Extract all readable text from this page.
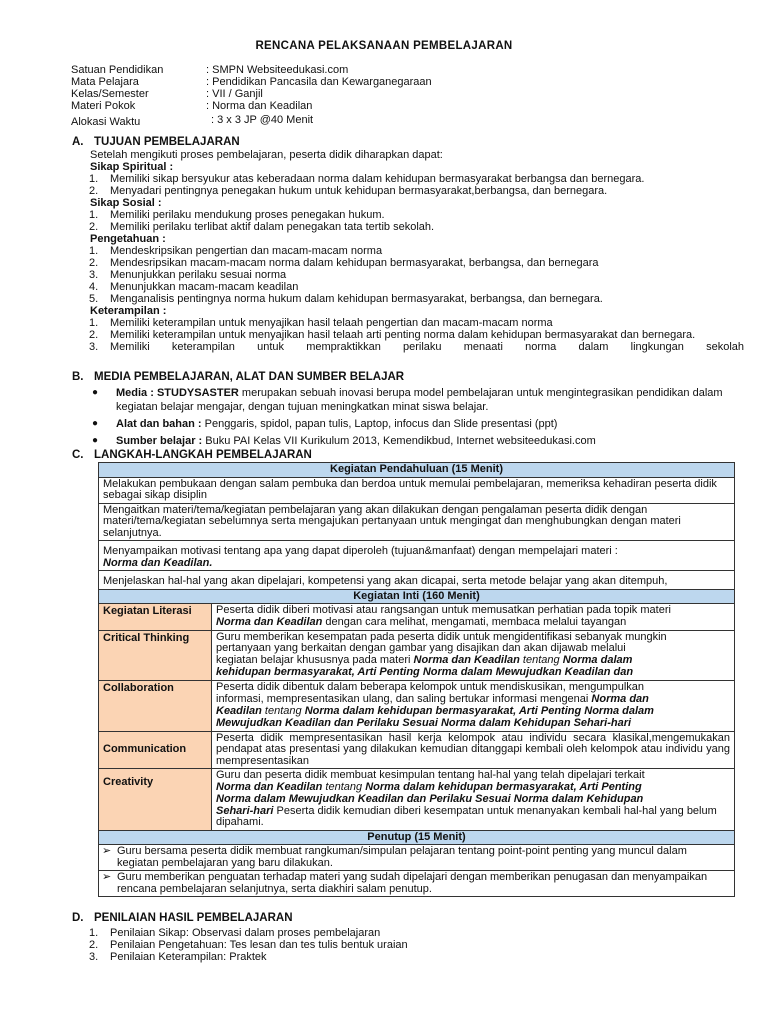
RENCANA PELAKSANAAN PEMBELAJARAN
Satuan Pendidikan	: SMPN Websiteedukasi.com
Mata Pelajara	: Pendidikan Pancasila dan Kewarganegaraan
Kelas/Semester	: VII / Ganjil
Materi Pokok	: Norma dan Keadilan
Alokasi Waktu	: 3 x 3 JP @40 Menit
A. TUJUAN PEMBELAJARAN
Setelah mengikuti proses pembelajaran, peserta didik diharapkan dapat:
Sikap Spiritual :
1. Memiliki sikap bersyukur atas keberadaan norma dalam kehidupan bermasyarakat berbangsa dan bernegara.
2. Menyadari pentingnya penegakan hukum untuk kehidupan bermasyarakat,berbangsa, dan bernegara.
Sikap Sosial :
1. Memiliki perilaku mendukung proses penegakan hukum.
2. Memiliki perilaku terlibat aktif dalam penegakan tata tertib sekolah.
Pengetahuan :
1. Mendeskripsikan pengertian dan macam-macam norma
2. Mendesripsikan macam-macam norma dalam kehidupan bermasyarakat, berbangsa, dan bernegara
3. Menunjukkan perilaku sesuai norma
4. Menunjukkan macam-macam keadilan
5. Menganalisis pentingnya norma hukum dalam kehidupan bermasyarakat, berbangsa, dan bernegara.
Keterampilan :
1. Memiliki keterampilan untuk menyajikan hasil telaah pengertian dan macam-macam norma
2. Memiliki keterampilan untuk menyajikan hasil telaah arti penting norma dalam kehidupan bermasyarakat dan bernegara.
3. Memiliki keterampilan untuk mempraktikkan perilaku menaati norma dalam lingkungan sekolah
B. MEDIA PEMBELAJARAN, ALAT DAN SUMBER BELAJAR
● Media : STUDYSASTER merupakan sebuah inovasi berupa model pembelajaran untuk mengintegrasikan pendidikan dalam kegiatan belajar mengajar, dengan tujuan meningkatkan minat siswa belajar.
● Alat dan bahan : Penggaris, spidol, papan tulis, Laptop, infocus dan Slide presentasi (ppt)
● Sumber belajar : Buku PAI Kelas VII Kurikulum 2013, Kemendikbud, Internet websiteedukasi.com
C. LANGKAH-LANGKAH PEMBELAJARAN
Kegiatan Pendahuluan (15 Menit)	
Melakukan pembukaan dengan salam pembuka dan berdoa untuk memulai pembelajaran, memeriksa kehadiran peserta didik sebagai sikap disiplin	
Mengaitkan materi/tema/kegiatan pembelajaran yang akan dilakukan dengan pengalaman peserta didik dengan materi/tema/kegiatan sebelumnya serta mengajukan pertanyaan untuk mengingat dan menghubungkan dengan materi selanjutnya.	

Menyampaikan motivasi tentang apa yang dapat diperoleh (tujuan&manfaat) dengan mempelajari materi :
Norma dan Keadilan.	

Menjelaskan hal-hal yang akan dipelajari, kompetensi yang akan dicapai, serta metode belajar yang akan ditempuh,	
Kegiatan Inti (160 Menit)	
Kegiatan Literasi	Peserta didik diberi motivasi atau rangsangan untuk memusatkan perhatian pada topik materi
Norma dan Keadilan dengan cara melihat, mengamati, membaca melalui tayangan

Critical Thinking	Guru memberikan kesempatan pada peserta didik untuk mengidentifikasi sebanyak mungkin
pertanyaan yang berkaitan dengan gambar yang disajikan dan akan dijawab melalui
kegiatan belajar khususnya pada materi Norma dan Keadilan tentang Norma dalam
kehidupan bermasyarakat, Arti Penting Norma dalam Mewujudkan Keadilan dan

Collaboration	Peserta didik dibentuk dalam beberapa kelompok untuk mendiskusikan, mengumpulkan
informasi, mempresentasikan ulang, dan saling bertukar informasi mengenai Norma dan
Keadilan tentang Norma dalam kehidupan bermasyarakat, Arti Penting Norma dalam
Mewujudkan Keadilan dan Perilaku Sesuai Norma dalam Kehidupan Sehari-hari

Communication	Peserta didik mempresentasikan hasil kerja kelompok atau individu secara klasikal,mengemukakan pendapat atas presentasi yang dilakukan kemudian ditanggapi kembali oleh kelompok atau individu yang mempresentasikan
Creativity	Guru dan peserta didik membuat kesimpulan tentang hal-hal yang telah dipelajari terkait
Norma dan Keadilan tentang Norma dalam kehidupan bermasyarakat, Arti Penting
Norma dalam Mewujudkan Keadilan dan Perilaku Sesuai Norma dalam Kehidupan
Sehari-hari Peserta didik kemudian diberi kesempatan untuk menanyakan kembali hal-hal yang belum dipahami.

Penutup (15 Menit)	

➢ Guru bersama peserta didik membuat rangkuman/simpulan pelajaran tentang point-point penting yang muncul dalam kegiatan pembelajaran yang baru dilakukan.	

➢ Guru memberikan penguatan terhadap materi yang sudah dipelajari dengan memberikan penugasan dan menyampaikan rencana pembelajaran selanjutnya, serta diakhiri salam penutup.	
D. PENILAIAN HASIL PEMBELAJARAN
1. Penilaian Sikap: Observasi dalam proses pembelajaran
2. Penilaian Pengetahuan: Tes lesan dan tes tulis bentuk uraian
3. Penilaian Keterampilan: Praktek
